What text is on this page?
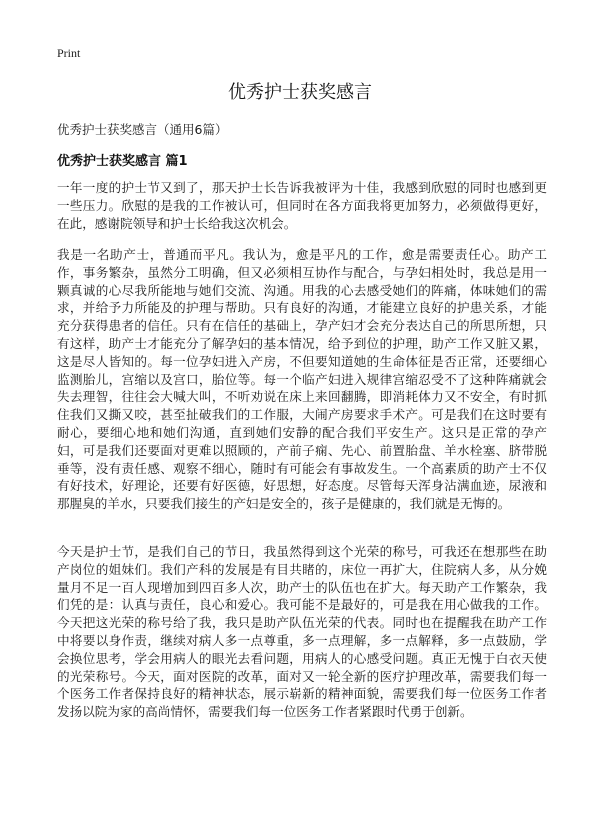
Print
优秀护士获奖感言
优秀护士获奖感言（通用6篇）
优秀护士获奖感言 篇1

一年一度的护士节又到了，那天护士长告诉我被评为十佳，我感到欣慰的同时也感到更一些压力。欣慰的是我的工作被认可，但同时在各方面我将更加努力，必须做得更好，在此，感谢院领导和护士长给我这次机会。

我是一名助产士，普通而平凡。我认为，愈是平凡的工作，愈是需要责任心。助产工作，事务繁杂，虽然分工明确，但又必须相互协作与配合，与孕妇相处时，我总是用一颗真诚的心尽我所能地与她们交流、沟通。用我的心去感受她们的阵痛，体味她们的需求，并给予力所能及的护理与帮助。只有良好的沟通，才能建立良好的护患关系，才能充分获得患者的信任。只有在信任的基础上，孕产妇才会充分表达自己的所思所想，只有这样，助产士才能充分了解孕妇的基本情况，给予到位的护理，助产工作又脏又累，这是尽人皆知的。每一位孕妇进入产房，不但要知道她的生命体征是否正常，还要细心监测胎儿，宫缩以及宫口，胎位等。每一个临产妇进入规律宫缩忍受不了这种阵痛就会失去理智，往往会大喊大叫，不听劝说在床上来回翻腾，即消耗体力又不安全，有时抓住我们又撕又咬，甚至扯破我们的工作服，大闹产房要求手术产。可是我们在这时要有耐心，要细心地和她们沟通，直到她们安静的配合我们平安生产。这只是正常的孕产妇，可是我们还要面对更难以照顾的，产前子痫、先心、前置胎盘、羊水栓塞、脐带脱垂等，没有责任感、观察不细心，随时有可能会有事故发生。一个高素质的助产士不仅有好技术，好理论，还要有好医德，好思想，好态度。尽管每天浑身沾满血迹，尿液和那腥臭的羊水，只要我们接生的产妇是安全的，孩子是健康的，我们就是无悔的。

今天是护士节，是我们自己的节日，我虽然得到这个光荣的称号，可我还在想那些在助产岗位的姐妹们。我们产科的发展是有目共睹的，床位一再扩大，住院病人多，从分娩量月不足一百人现增加到四百多人次，助产士的队伍也在扩大。每天助产工作繁杂，我们凭的是：认真与责任，良心和爱心。我可能不是最好的，可是我在用心做我的工作。今天把这光荣的称号给了我，我只是助产队伍光荣的代表。同时也在提醒我在助产工作中将要以身作责，继续对病人多一点尊重，多一点理解，多一点解释，多一点鼓励，学会换位思考，学会用病人的眼光去看问题，用病人的心感受问题。真正无愧于白衣天使的光荣称号。今天，面对医院的改革，面对又一轮全新的医疗护理改革，需要我们每一个医务工作者保持良好的精神状态，展示崭新的精神面貌，需要我们每一位医务工作者发扬以院为家的高尚情怀，需要我们每一位医务工作者紧跟时代勇于创新。
